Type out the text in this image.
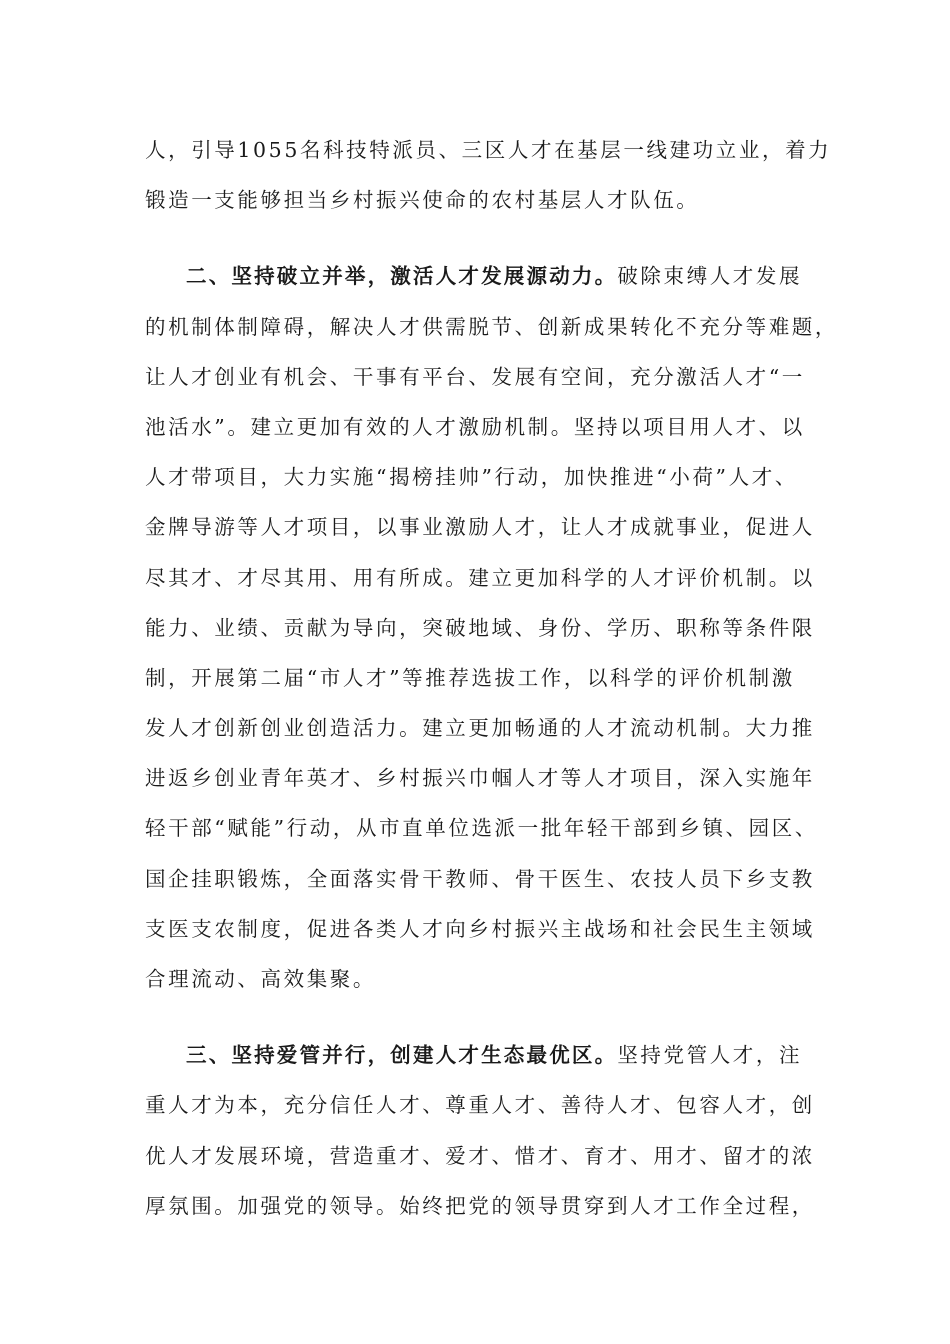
人，引导1055名科技特派员、三区人才在基层一线建功立业，着力
锻造一支能够担当乡村振兴使命的农村基层人才队伍。
二、坚持破立并举，激活人才发展源动力。破除束缚人才发展
的机制体制障碍，解决人才供需脱节、创新成果转化不充分等难题，
让人才创业有机会、干事有平台、发展有空间，充分激活人才“一
池活水”。建立更加有效的人才激励机制。坚持以项目用人才、以
人才带项目，大力实施“揭榜挂帅”行动，加快推进“小荷”人才、
金牌导游等人才项目，以事业激励人才，让人才成就事业，促进人
尽其才、才尽其用、用有所成。建立更加科学的人才评价机制。以
能力、业绩、贡献为导向，突破地域、身份、学历、职称等条件限
制，开展第二届“市人才”等推荐选拔工作，以科学的评价机制激
发人才创新创业创造活力。建立更加畅通的人才流动机制。大力推
进返乡创业青年英才、乡村振兴巾帼人才等人才项目，深入实施年
轻干部“赋能”行动，从市直单位选派一批年轻干部到乡镇、园区、
国企挂职锻炼，全面落实骨干教师、骨干医生、农技人员下乡支教
支医支农制度，促进各类人才向乡村振兴主战场和社会民生主领域
合理流动、高效集聚。
三、坚持爱管并行，创建人才生态最优区。坚持党管人才，注
重人才为本，充分信任人才、尊重人才、善待人才、包容人才，创
优人才发展环境，营造重才、爱才、惜才、育才、用才、留才的浓
厚氛围。加强党的领导。始终把党的领导贯穿到人才工作全过程，
